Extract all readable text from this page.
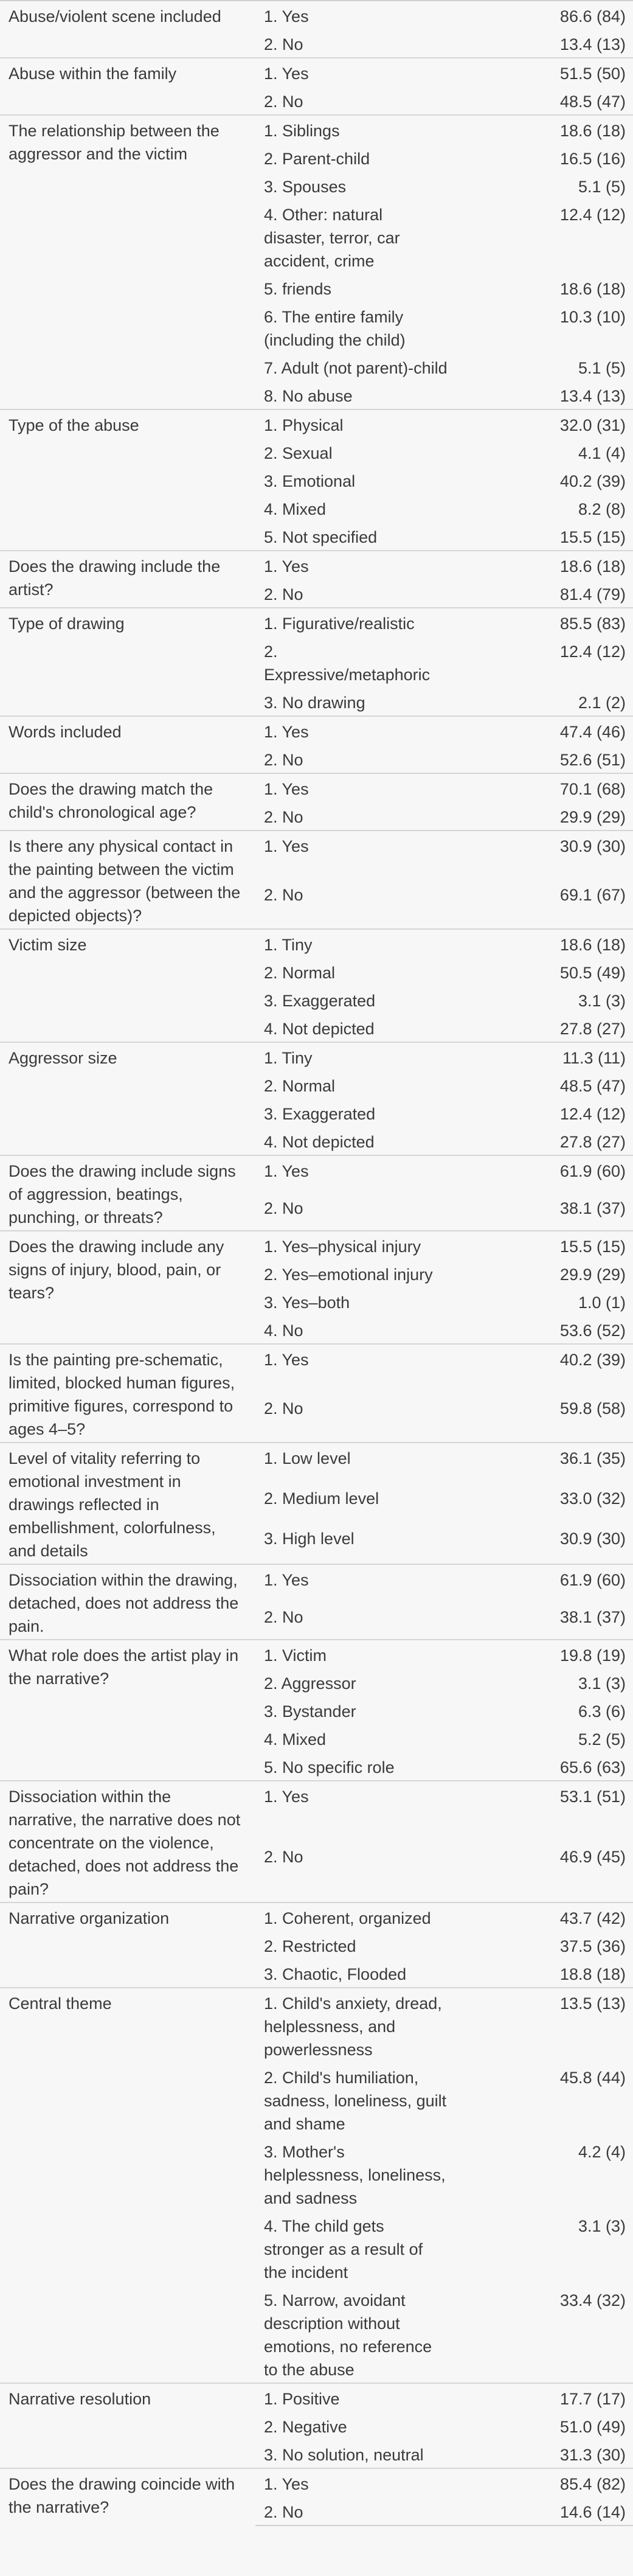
Abuse/violent scene included	1. Yes	86.6 (84)
	2. No	13.4 (13)

Abuse within the family	1. Yes	51.5 (50)
	2. No	48.5 (47)

The relationship between the aggressor and the victim	1. Siblings	18.6 (18)
	2. Parent-child	16.5 (16)
	3. Spouses	5.1 (5)
	4. Other: natural disaster, terror, car accident, crime	12.4 (12)
	5. friends	18.6 (18)
	6. The entire family (including the child)	10.3 (10)
	7. Adult (not parent)-child	5.1 (5)
	8. No abuse	13.4 (13)

Type of the abuse	1. Physical	32.0 (31)
	2. Sexual	4.1 (4)
	3. Emotional	40.2 (39)
	4. Mixed	8.2 (8)
	5. Not specified	15.5 (15)

Does the drawing include the artist?	1. Yes	18.6 (18)
	2. No	81.4 (79)

Type of drawing	1. Figurative/realistic	85.5 (83)
	2. Expressive/metaphoric	12.4 (12)
	3. No drawing	2.1 (2)

Words included	1. Yes	47.4 (46)
	2. No	52.6 (51)

Does the drawing match the child's chronological age?	1. Yes	70.1 (68)
	2. No	29.9 (29)

Is there any physical contact in the painting between the victim and the aggressor (between the depicted objects)?	1. Yes	30.9 (30)
	2. No	69.1 (67)

Victim size	1. Tiny	18.6 (18)
	2. Normal	50.5 (49)
	3. Exaggerated	3.1 (3)
	4. Not depicted	27.8 (27)

Aggressor size	1. Tiny	11.3 (11)
	2. Normal	48.5 (47)
	3. Exaggerated	12.4 (12)
	4. Not depicted	27.8 (27)

Does the drawing include signs of aggression, beatings, punching, or threats?	1. Yes	61.9 (60)
	2. No	38.1 (37)

Does the drawing include any signs of injury, blood, pain, or tears?	1. Yes–physical injury	15.5 (15)
	2. Yes–emotional injury	29.9 (29)
	3. Yes–both	1.0 (1)
	4. No	53.6 (52)

Is the painting pre-schematic, limited, blocked human figures, primitive figures, correspond to ages 4–5?	1. Yes	40.2 (39)
	2. No	59.8 (58)

Level of vitality referring to emotional investment in drawings reflected in embellishment, colorfulness, and details	1. Low level	36.1 (35)
	2. Medium level	33.0 (32)
	3. High level	30.9 (30)

Dissociation within the drawing, detached, does not address the pain.	1. Yes	61.9 (60)
	2. No	38.1 (37)

What role does the artist play in the narrative?	1. Victim	19.8 (19)
	2. Aggressor	3.1 (3)
	3. Bystander	6.3 (6)
	4. Mixed	5.2 (5)
	5. No specific role	65.6 (63)

Dissociation within the narrative, the narrative does not concentrate on the violence, detached, does not address the pain?	1. Yes	53.1 (51)
	2. No	46.9 (45)

Narrative organization	1. Coherent, organized	43.7 (42)
	2. Restricted	37.5 (36)
	3. Chaotic, Flooded	18.8 (18)

Central theme	1. Child's anxiety, dread, helplessness, and powerlessness	13.5 (13)
	2. Child's humiliation, sadness, loneliness, guilt and shame	45.8 (44)
	3. Mother's helplessness, loneliness, and sadness	4.2 (4)
	4. The child gets stronger as a result of the incident	3.1 (3)
	5. Narrow, avoidant description without emotions, no reference to the abuse	33.4 (32)

Narrative resolution	1. Positive	17.7 (17)
	2. Negative	51.0 (49)
	3. No solution, neutral	31.3 (30)

Does the drawing coincide with the narrative?	1. Yes	85.4 (82)
	2. No	14.6 (14)
